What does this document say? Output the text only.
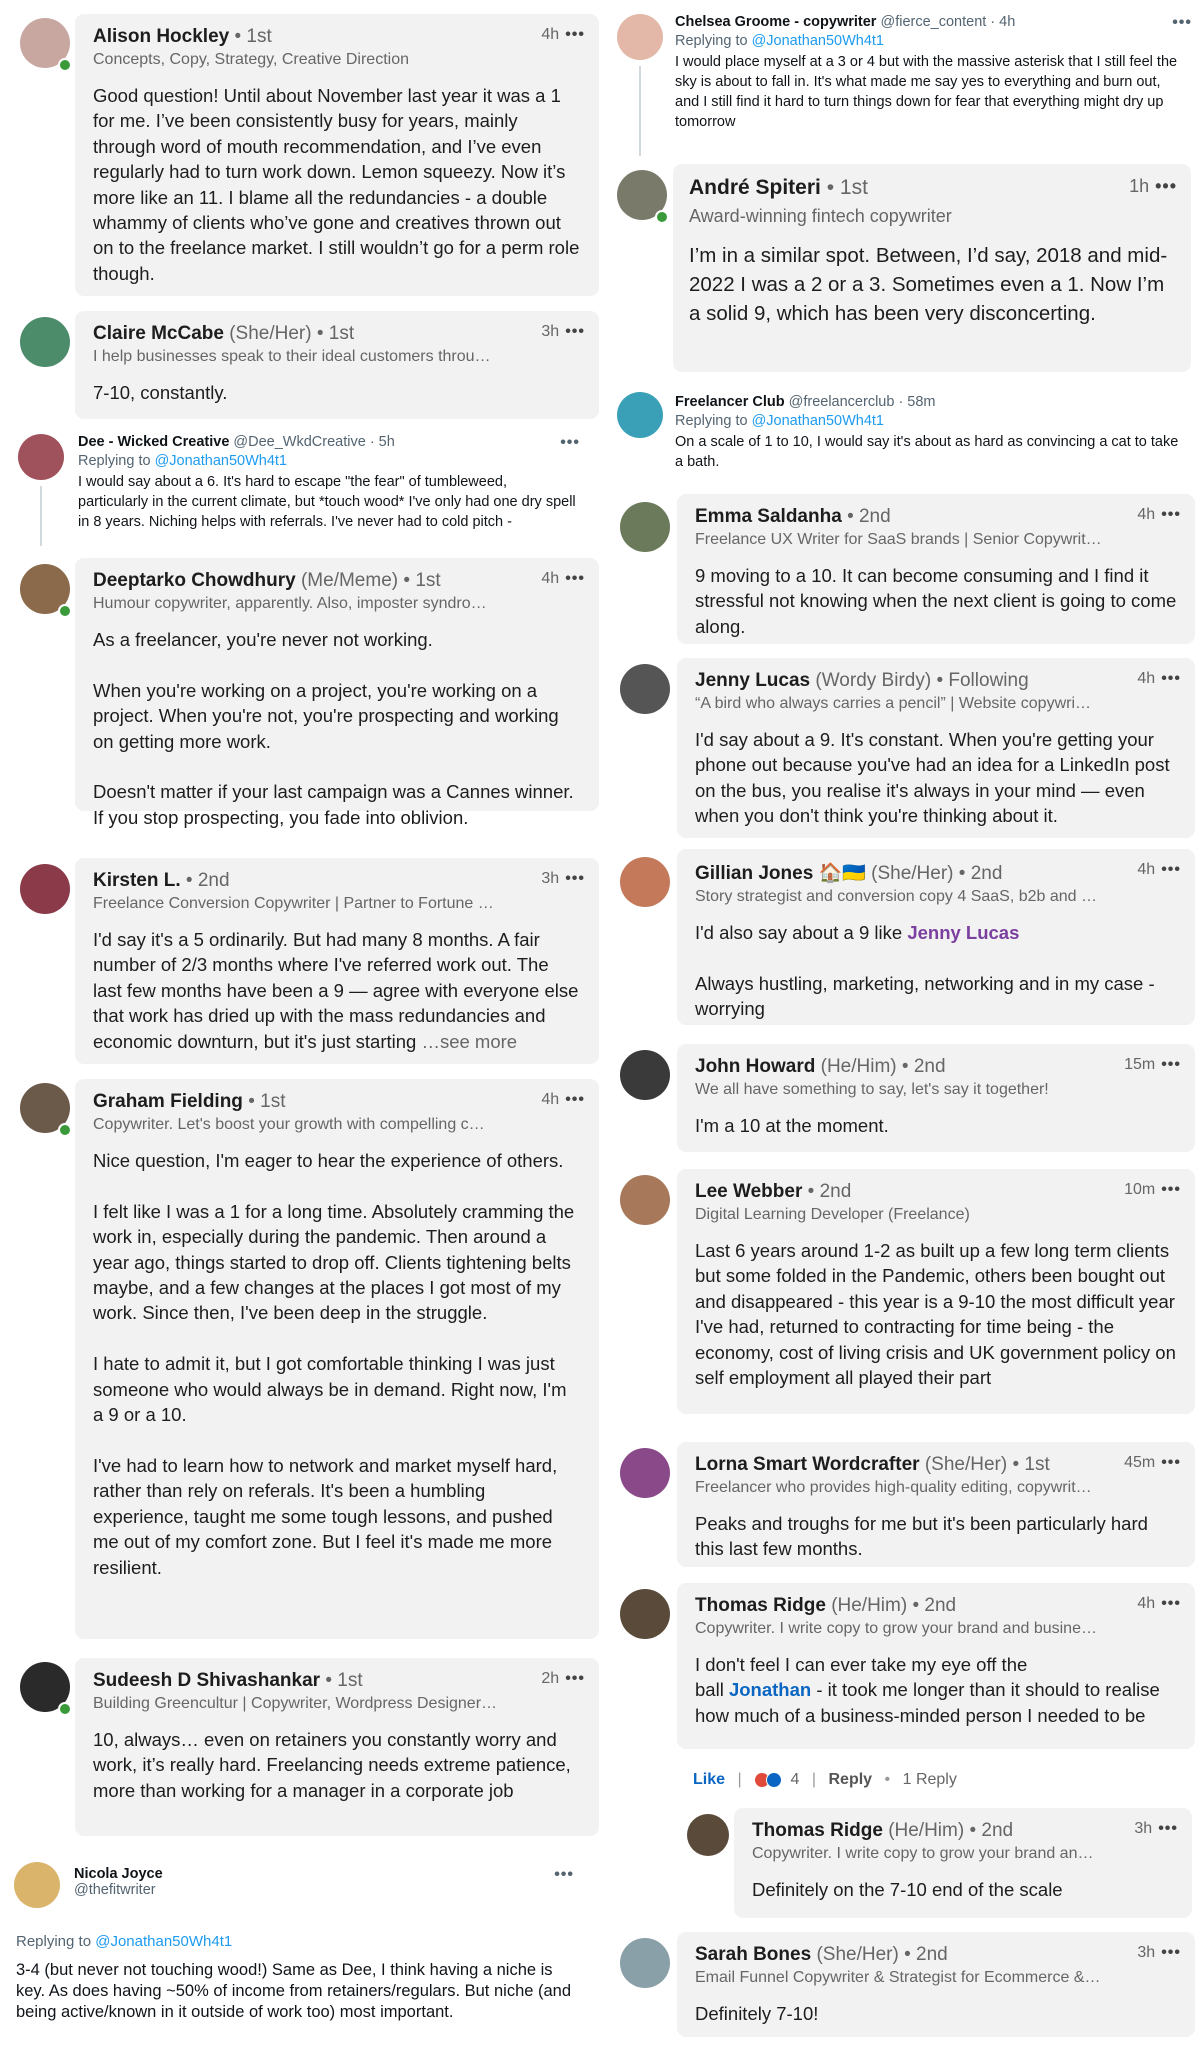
Alison Hockley • 1st
Concepts, Copy, Strategy, Creative Direction
4h •••
Good question! Until about November last year it was a 1 for me. I’ve been consistently busy for years, mainly through word of mouth recommendation, and I’ve even regularly had to turn work down. Lemon squeezy. Now it’s more like an 11. I blame all the redundancies - a double whammy of clients who’ve gone and creatives thrown out on to the freelance market. I still wouldn’t go for a perm role though.
Claire McCabe (She/Her) • 1st
I help businesses speak to their ideal customers throu…
3h •••
7-10, constantly.
Dee - Wicked Creative @Dee_WkdCreative · 5h
Replying to @Jonathan50Wh4t1
I would say about a 6. It's hard to escape "the fear" of tumbleweed, particularly in the current climate, but *touch wood* I've only had one dry spell in 8 years. Niching helps with referrals. I've never had to cold pitch -
•••
Deeptarko Chowdhury (Me/Meme) • 1st
Humour copywriter, apparently. Also, imposter syndro…
4h •••
As a freelancer, you're never not working.

When you're working on a project, you're working on a project. When you're not, you're prospecting and working on getting more work.

Doesn't matter if your last campaign was a Cannes winner. If you stop prospecting, you fade into oblivion.
Kirsten L. • 2nd
Freelance Conversion Copywriter | Partner to Fortune …
3h •••
I'd say it's a 5 ordinarily. But had many 8 months. A fair number of 2/3 months where I've referred work out. The last few months have been a 9 — agree with everyone else that work has dried up with the mass redundancies and economic downturn, but it's just starting …see more
Graham Fielding • 1st
Copywriter. Let's boost your growth with compelling c…
4h •••
Nice question, I'm eager to hear the experience of others.

I felt like I was a 1 for a long time. Absolutely cramming the work in, especially during the pandemic. Then around a year ago, things started to drop off. Clients tightening belts maybe, and a few changes at the places I got most of my work. Since then, I've been deep in the struggle.

I hate to admit it, but I got comfortable thinking I was just someone who would always be in demand. Right now, I'm a 9 or a 10.

I've had to learn how to network and market myself hard, rather than rely on referals. It's been a humbling experience, taught me some tough lessons, and pushed me out of my comfort zone. But I feel it's made me more resilient.
Sudeesh D Shivashankar • 1st
Building Greencultur | Copywriter, Wordpress Designer…
2h •••
10, always… even on retainers you constantly worry and work, it’s really hard. Freelancing needs extreme patience, more than working for a manager in a corporate job
Nicola Joyce
@thefitwriter
•••
Replying to @Jonathan50Wh4t1
3-4 (but never not touching wood!) Same as Dee, I think having a niche is key. As does having ~50% of income from retainers/regulars. But niche (and being active/known in it outside of work too) most important.
Chelsea Groome - copywriter @fierce_content · 4h
Replying to @Jonathan50Wh4t1
I would place myself at a 3 or 4 but with the massive asterisk that I still feel the sky is about to fall in. It's what made me say yes to everything and burn out, and I still find it hard to turn things down for fear that everything might dry up tomorrow
•••
André Spiteri • 1st
Award-winning fintech copywriter
1h •••
I’m in a similar spot. Between, I’d say, 2018 and mid-2022 I was a 2 or a 3. Sometimes even a 1. Now I’m a solid 9, which has been very disconcerting.
Freelancer Club @freelancerclub · 58m
Replying to @Jonathan50Wh4t1
On a scale of 1 to 10, I would say it's about as hard as convincing a cat to take a bath.
Emma Saldanha • 2nd
Freelance UX Writer for SaaS brands | Senior Copywrit…
4h •••
9 moving to a 10. It can become consuming and I find it stressful not knowing when the next client is going to come along.
Jenny Lucas (Wordy Birdy) • Following
“A bird who always carries a pencil” | Website copywri…
4h •••
I'd say about a 9. It's constant. When you're getting your phone out because you've had an idea for a LinkedIn post on the bus, you realise it's always in your mind — even when you don't think you're thinking about it.
Gillian Jones 🏠🇺🇦 (She/Her) • 2nd
Story strategist and conversion copy 4 SaaS, b2b and …
4h •••
I'd also say about a 9 like Jenny Lucas

Always hustling, marketing, networking and in my case - worrying
John Howard (He/Him) • 2nd
We all have something to say, let's say it together!
15m •••
I'm a 10 at the moment.
Lee Webber • 2nd
Digital Learning Developer (Freelance)
10m •••
Last 6 years around 1-2 as built up a few long term clients but some folded in the Pandemic, others been bought out and disappeared - this year is a 9-10 the most difficult year I've had, returned to contracting for time being - the economy, cost of living crisis and UK government policy on self employment all played their part
Lorna Smart Wordcrafter (She/Her) • 1st
Freelancer who provides high-quality editing, copywrit…
45m •••
Peaks and troughs for me but it's been particularly hard this last few months.
Thomas Ridge (He/Him) • 2nd
Copywriter. I write copy to grow your brand and busine…
4h •••
I don't feel I can ever take my eye off the
ball Jonathan - it took me longer than it should to realise how much of a business-minded person I needed to be
Like |	4 | Reply • 1 Reply
Thomas Ridge (He/Him) • 2nd
Copywriter. I write copy to grow your brand an…
3h •••
Definitely on the 7-10 end of the scale
Sarah Bones (She/Her) • 2nd
Email Funnel Copywriter & Strategist for Ecommerce &…
3h •••
Definitely 7-10!
